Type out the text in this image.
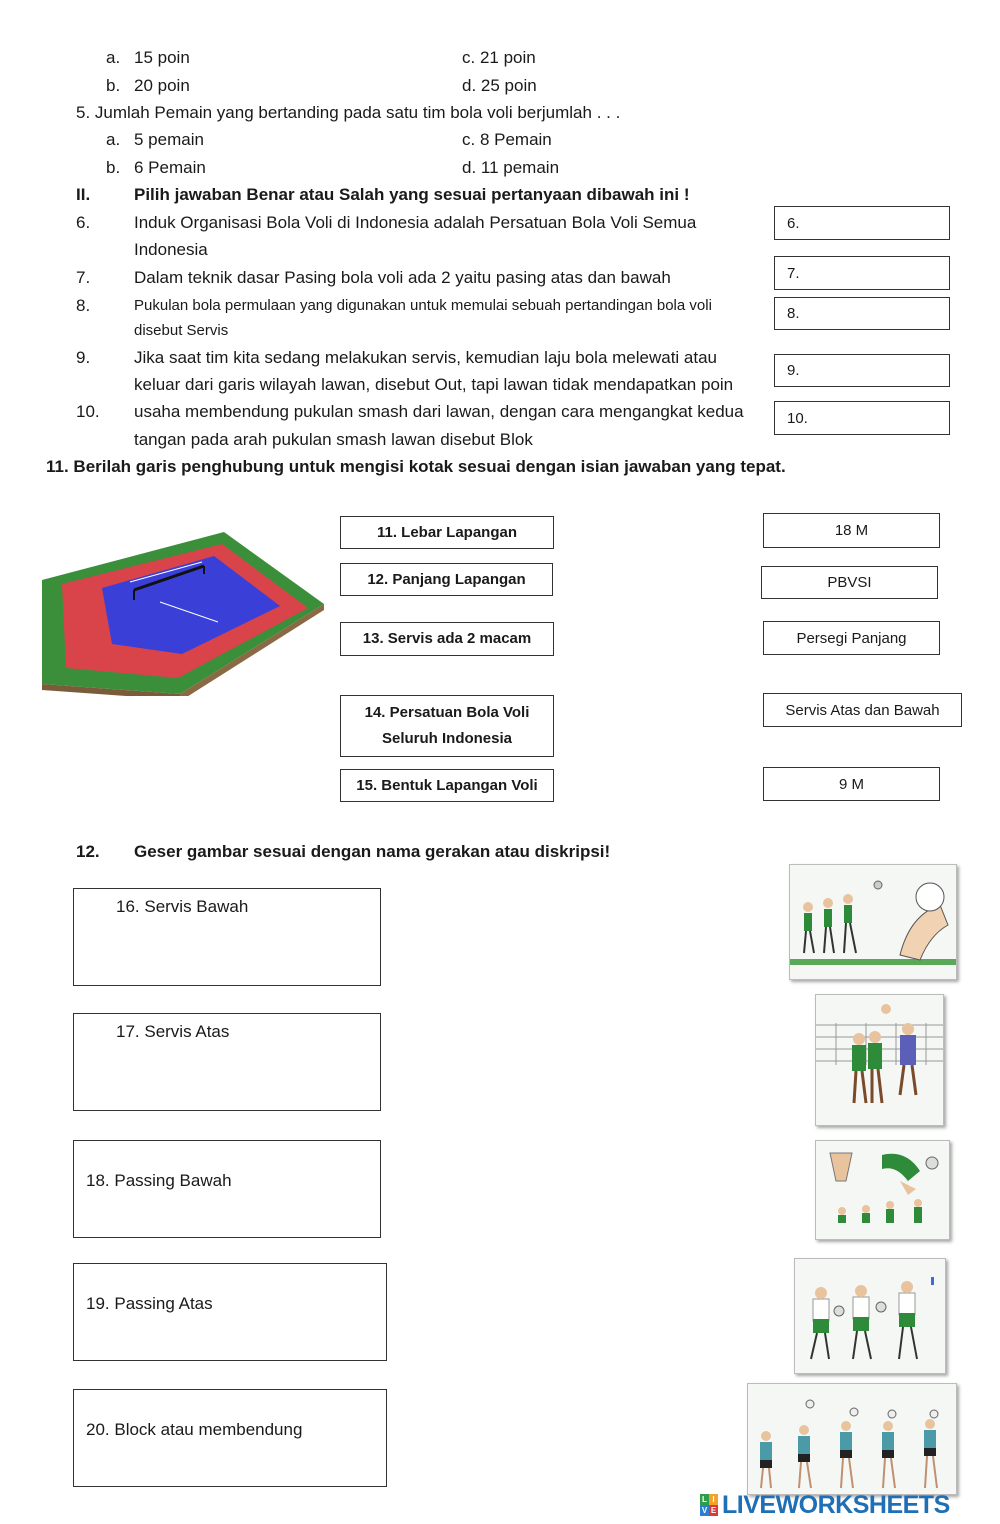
a. 15 poin	c. 21 poin
b. 20 poin	d. 25 poin
5. Jumlah Pemain yang bertanding pada satu tim bola voli berjumlah . . .
a. 5 pemain	c. 8 Pemain
b. 6 Pemain	d. 11 pemain
II.	Pilih jawaban Benar atau Salah yang sesuai pertanyaan dibawah ini !
6.	Induk Organisasi Bola Voli di Indonesia adalah Persatuan Bola Voli Semua
Indonesia
6.
7.	Dalam teknik dasar Pasing bola voli ada 2 yaitu pasing atas dan bawah	7.
8.	Pukulan bola permulaan yang digunakan untuk memulai sebuah pertandingan bola voli
disebut Servis
8.
9.	Jika saat tim kita sedang melakukan servis, kemudian laju bola melewati atau
keluar dari garis wilayah lawan, disebut Out, tapi lawan tidak mendapatkan poin
9.
10. usaha membendung pukulan smash dari lawan, dengan cara mengangkat kedua
tangan pada arah pukulan smash lawan disebut Blok
10.
11. Berilah garis penghubung untuk mengisi kotak sesuai dengan isian jawaban yang tepat.
11. Lebar Lapangan
12. Panjang Lapangan
13. Servis ada 2 macam
14. Persatuan Bola Voli
Seluruh Indonesia
15. Bentuk Lapangan Voli
18 M
PBVSI
Persegi Panjang
Servis Atas dan Bawah
9 M
12. Geser gambar sesuai dengan nama gerakan atau diskripsi!
16. Servis Bawah
17. Servis Atas
18. Passing Bawah
19. Passing Atas
20. Block atau membendung
L I
V E LIVEWORKSHEETS
